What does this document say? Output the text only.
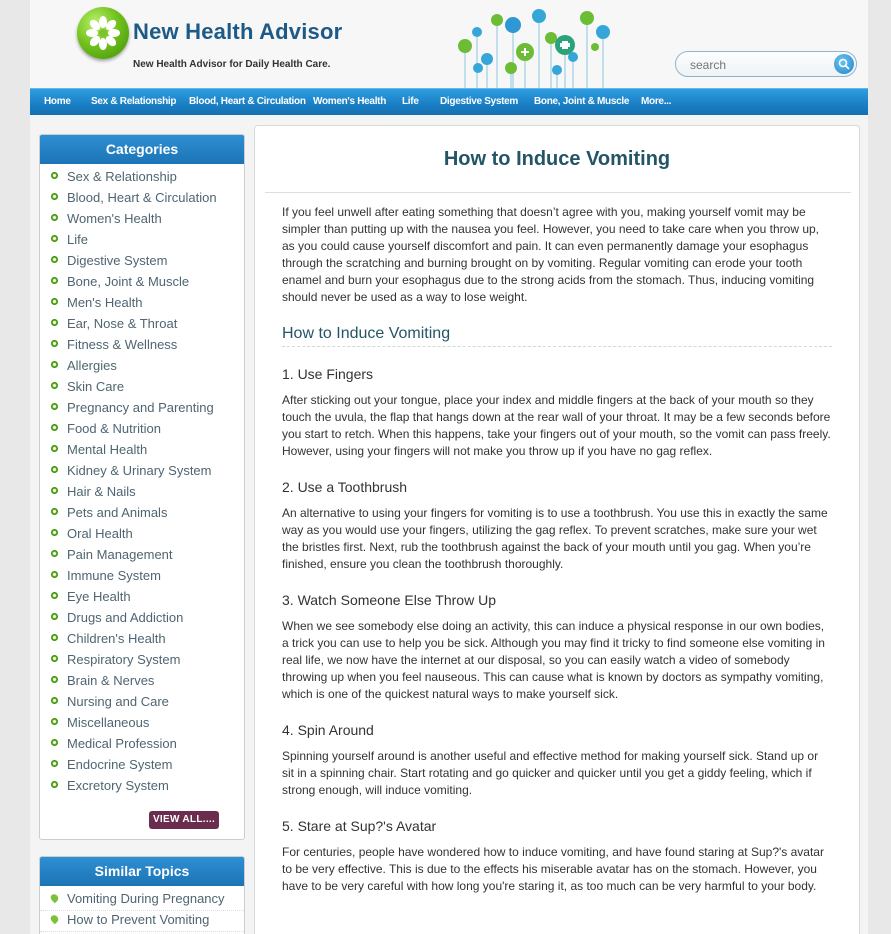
New Health Advisor
New Health Advisor for Daily Health Care.
search
Home Sex & Relationship Blood, Heart & Circulation Women's Health Life Digestive System Bone, Joint & Muscle More...
Categories
Sex & Relationship
Blood, Heart & Circulation
Women's Health
Life
Digestive System
Bone, Joint & Muscle
Men's Health
Ear, Nose & Throat
Fitness & Wellness
Allergies
Skin Care
Pregnancy and Parenting
Food & Nutrition
Mental Health
Kidney & Urinary System
Hair & Nails
Pets and Animals
Oral Health
Pain Management
Immune System
Eye Health
Drugs and Addiction
Children's Health
Respiratory System
Brain & Nerves
Nursing and Care
Miscellaneous
Medical Profession
Endocrine System
Excretory System
VIEW ALL....
Similar Topics
Vomiting During Pregnancy
How to Prevent Vomiting
How to Induce Vomiting

If you feel unwell after eating something that doesn’t agree with you, making yourself vomit may be simpler than putting up with the nausea you feel. However, you need to take care when you throw up, as you could cause yourself discomfort and pain. It can even permanently damage your esophagus through the scratching and burning brought on by vomiting. Regular vomiting can erode your tooth enamel and burn your esophagus due to the strong acids from the stomach. Thus, inducing vomiting should never be used as a way to lose weight.

How to Induce Vomiting
1. Use Fingers

After sticking out your tongue, place your index and middle fingers at the back of your mouth so they touch the uvula, the flap that hangs down at the rear wall of your throat. It may be a few seconds before you start to retch. When this happens, take your fingers out of your mouth, so the vomit can pass freely. However, using your fingers will not make you throw up if you have no gag reflex.

2. Use a Toothbrush

An alternative to using your fingers for vomiting is to use a toothbrush. You use this in exactly the same way as you would use your fingers, utilizing the gag reflex. To prevent scratches, make sure your wet the bristles first. Next, rub the toothbrush against the back of your mouth until you gag. When you’re finished, ensure you clean the toothbrush thoroughly.

3. Watch Someone Else Throw Up

When we see somebody else doing an activity, this can induce a physical response in our own bodies, a trick you can use to help you be sick. Although you may find it tricky to find someone else vomiting in real life, we now have the internet at our disposal, so you can easily watch a video of somebody throwing up when you feel nauseous. This can cause what is known by doctors as sympathy vomiting, which is one of the quickest natural ways to make yourself sick.

4. Spin Around

Spinning yourself around is another useful and effective method for making yourself sick. Stand up or sit in a spinning chair. Start rotating and go quicker and quicker until you get a giddy feeling, which if strong enough, will induce vomiting.

5. Stare at Sup?'s Avatar

For centuries, people have wondered how to induce vomiting, and have found staring at Sup?'s avatar to be very effective. This is due to the effects his miserable avatar has on the stomach. However, you have to be very careful with how long you're staring it, as too much can be very harmful to your body.
